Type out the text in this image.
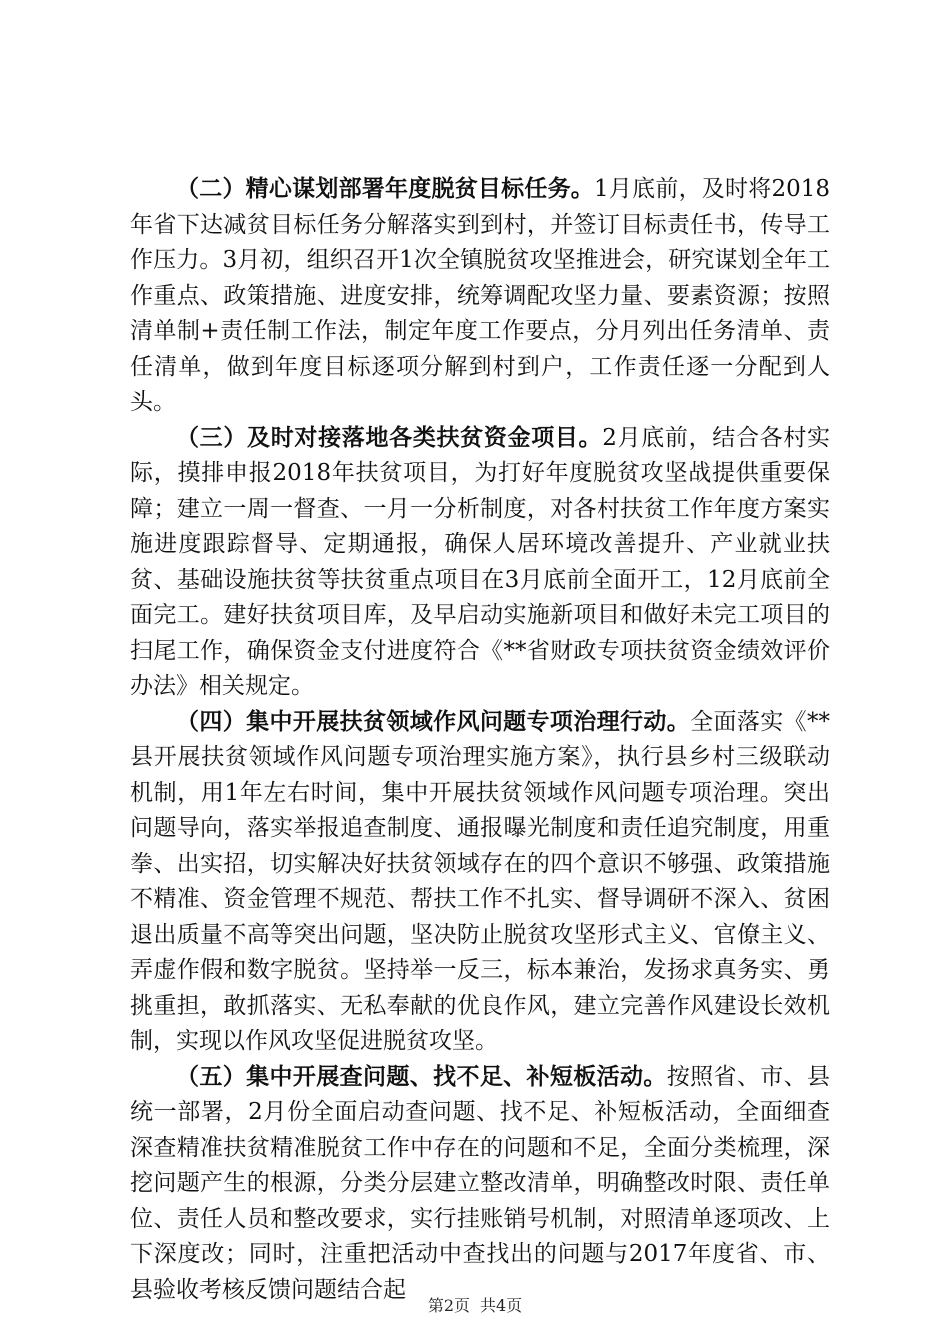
（二）精心谋划部署年度脱贫目标任务。1月底前，及时将2018年省下达减贫目标任务分解落实到到村，并签订目标责任书，传导工作压力。3月初，组织召开1次全镇脱贫攻坚推进会，研究谋划全年工作重点、政策措施、进度安排，统筹调配攻坚力量、要素资源；按照清单制+责任制工作法，制定年度工作要点，分月列出任务清单、责任清单，做到年度目标逐项分解到村到户，工作责任逐一分配到人头。

（三）及时对接落地各类扶贫资金项目。2月底前，结合各村实际，摸排申报2018年扶贫项目，为打好年度脱贫攻坚战提供重要保障；建立一周一督查、一月一分析制度，对各村扶贫工作年度方案实施进度跟踪督导、定期通报，确保人居环境改善提升、产业就业扶贫、基础设施扶贫等扶贫重点项目在3月底前全面开工，12月底前全面完工。建好扶贫项目库，及早启动实施新项目和做好未完工项目的扫尾工作，确保资金支付进度符合《**省财政专项扶贫资金绩效评价办法》相关规定。

（四）集中开展扶贫领域作风问题专项治理行动。全面落实《**县开展扶贫领域作风问题专项治理实施方案》，执行县乡村三级联动机制，用1年左右时间，集中开展扶贫领域作风问题专项治理。突出问题导向，落实举报追查制度、通报曝光制度和责任追究制度，用重拳、出实招，切实解决好扶贫领域存在的四个意识不够强、政策措施不精准、资金管理不规范、帮扶工作不扎实、督导调研不深入、贫困退出质量不高等突出问题，坚决防止脱贫攻坚形式主义、官僚主义、弄虚作假和数字脱贫。坚持举一反三，标本兼治，发扬求真务实、勇挑重担，敢抓落实、无私奉献的优良作风，建立完善作风建设长效机制，实现以作风攻坚促进脱贫攻坚。

（五）集中开展查问题、找不足、补短板活动。按照省、市、县统一部署，2月份全面启动查问题、找不足、补短板活动，全面细查深查精准扶贫精准脱贫工作中存在的问题和不足，全面分类梳理，深挖问题产生的根源，分类分层建立整改清单，明确整改时限、责任单位、责任人员和整改要求，实行挂账销号机制，对照清单逐项改、上下深度改；同时，注重把活动中查找出的问题与2017年度省、市、县验收考核反馈问题结合起

第2页 共4页
